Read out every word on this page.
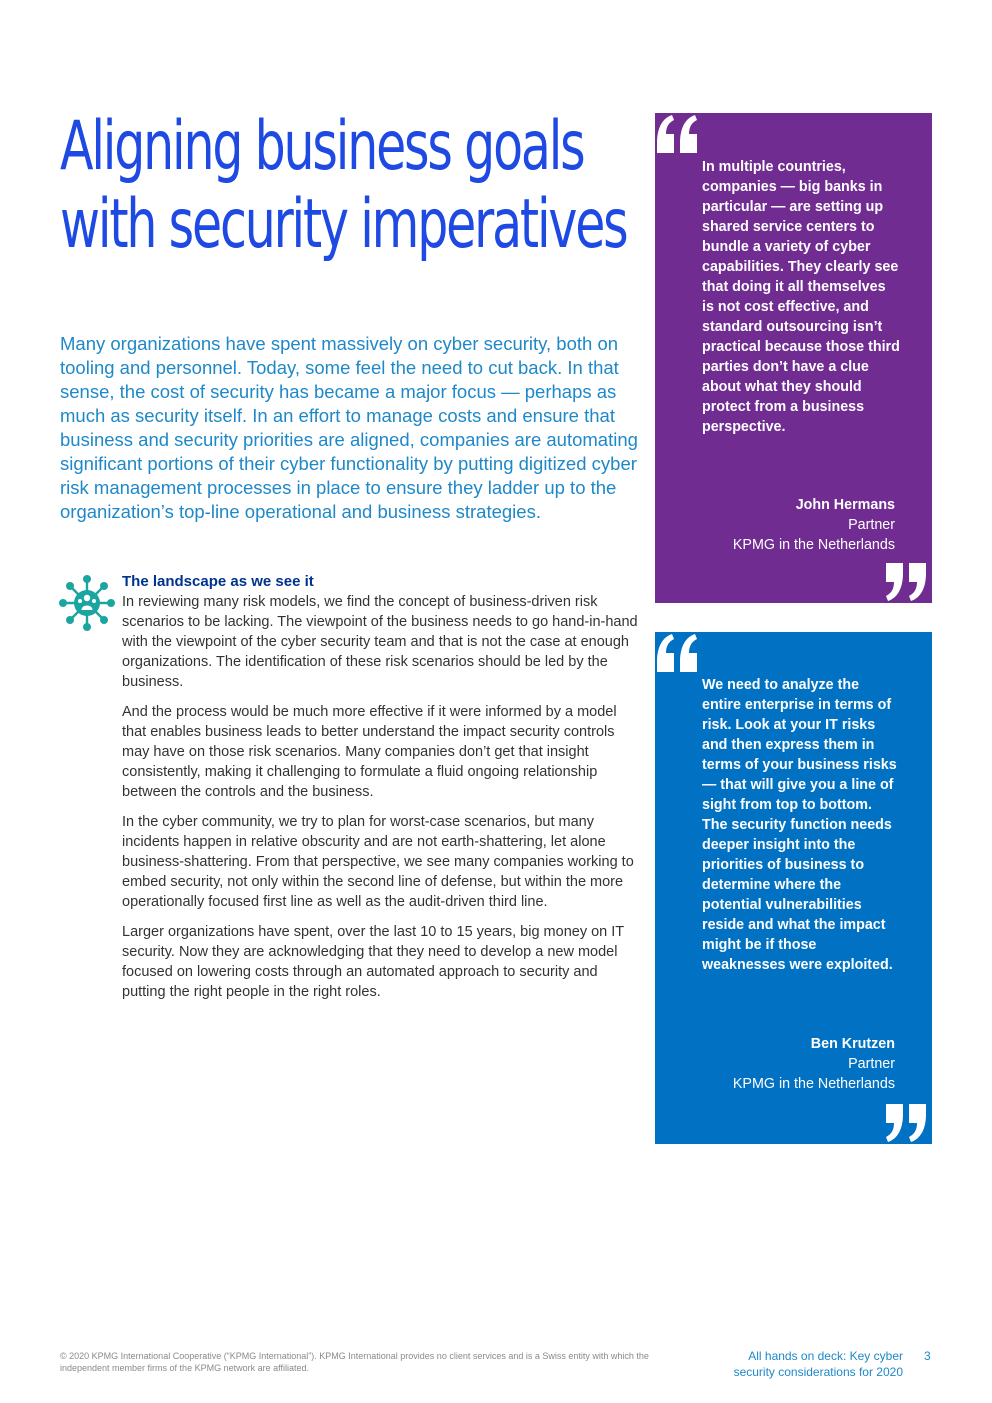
Aligning business goals
with security imperatives

Many organizations have spent massively on cyber security, both on tooling and personnel. Today, some feel the need to cut back. In that sense, the cost of security has became a major focus — perhaps as much as security itself. In an effort to manage costs and ensure that business and security priorities are aligned, companies are automating significant portions of their cyber functionality by putting digitized cyber risk management processes in place to ensure they ladder up to the organization’s top-line operational and business strategies.

The landscape as we see it

In reviewing many risk models, we find the concept of business-driven risk scenarios to be lacking. The viewpoint of the business needs to go hand-in-hand with the viewpoint of the cyber security team and that is not the case at enough organizations. The identification of these risk scenarios should be led by the business.

And the process would be much more effective if it were informed by a model that enables business leads to better understand the impact security controls may have on those risk scenarios. Many companies don’t get that insight consistently, making it challenging to formulate a fluid ongoing relationship between the controls and the business.

In the cyber community, we try to plan for worst-case scenarios, but many incidents happen in relative obscurity and are not earth-shattering, let alone business-shattering. From that perspective, we see many companies working to embed security, not only within the second line of defense, but within the more operationally focused first line as well as the audit-driven third line.

Larger organizations have spent, over the last 10 to 15 years, big money on IT security. Now they are acknowledging that they need to develop a new model focused on lowering costs through an automated approach to security and putting the right people in the right roles.

In multiple countries, companies — big banks in particular — are setting up shared service centers to bundle a variety of cyber capabilities. They clearly see that doing it all themselves is not cost effective, and standard outsourcing isn’t practical because those third parties don’t have a clue about what they should protect from a business perspective.

John Hermans
Partner
KPMG in the Netherlands

We need to analyze the entire enterprise in terms of risk. Look at your IT risks and then express them in terms of your business risks — that will give you a line of sight from top to bottom. The security function needs deeper insight into the priorities of business to determine where the potential vulnerabilities reside and what the impact might be if those weaknesses were exploited.

Ben Krutzen
Partner
KPMG in the Netherlands
© 2020 KPMG International Cooperative (“KPMG International”). KPMG International provides no client services and is a Swiss entity with which the independent member firms of the KPMG network are affiliated.
All hands on deck: Key cyber
security considerations for 2020
3
